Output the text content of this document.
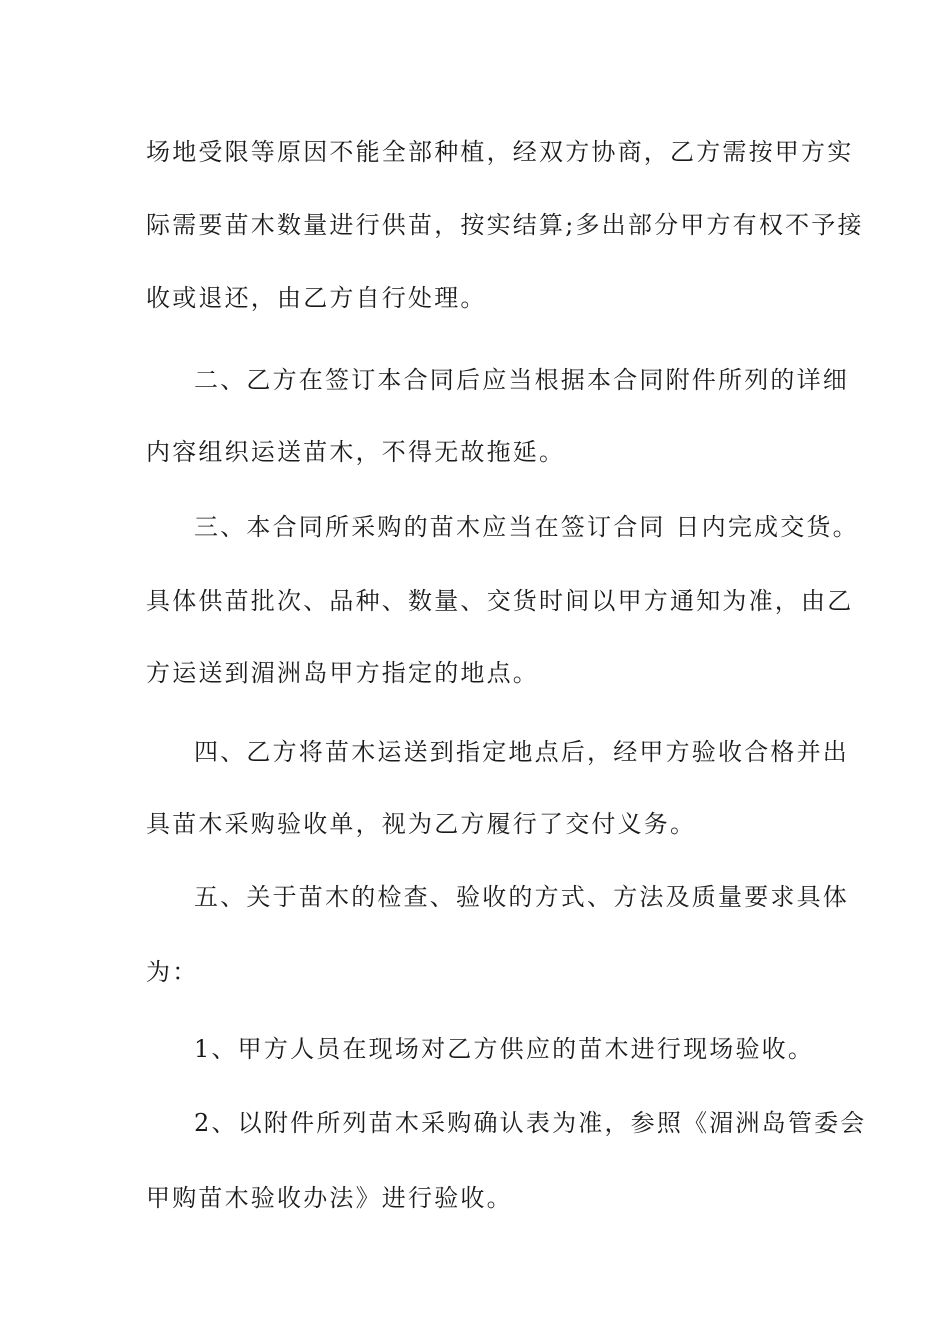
场地受限等原因不能全部种植，经双方协商，乙方需按甲方实
际需要苗木数量进行供苗，按实结算;多出部分甲方有权不予接
收或退还，由乙方自行处理。
二、乙方在签订本合同后应当根据本合同附件所列的详细
内容组织运送苗木，不得无故拖延。
三、本合同所采购的苗木应当在签订合同 日内完成交货。
具体供苗批次、品种、数量、交货时间以甲方通知为准，由乙
方运送到湄洲岛甲方指定的地点。
四、乙方将苗木运送到指定地点后，经甲方验收合格并出
具苗木采购验收单，视为乙方履行了交付义务。
五、关于苗木的检查、验收的方式、方法及质量要求具体
为：
1、甲方人员在现场对乙方供应的苗木进行现场验收。
2、以附件所列苗木采购确认表为准，参照《湄洲岛管委会
甲购苗木验收办法》进行验收。
